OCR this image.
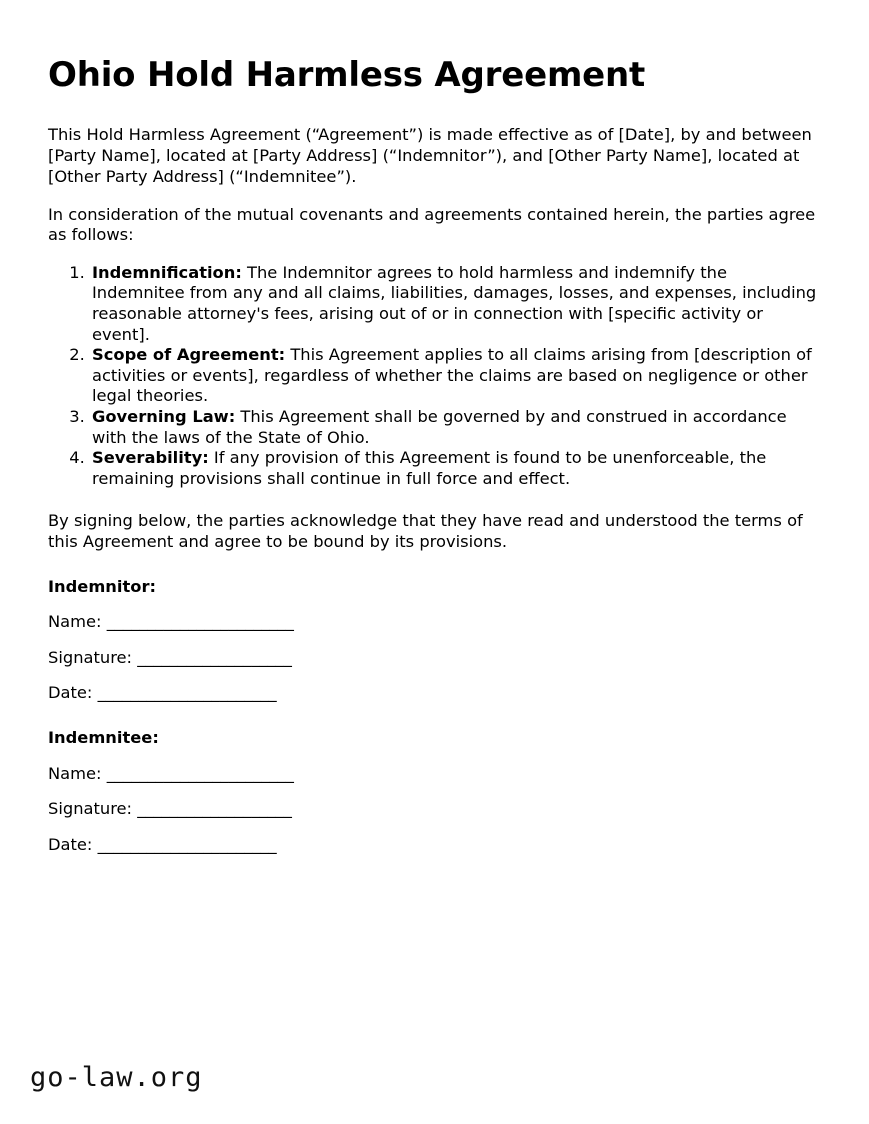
Ohio Hold Harmless Agreement

This Hold Harmless Agreement (“Agreement”) is made effective as of [Date], by and between [Party Name], located at [Party Address] (“Indemnitor”), and [Other Party Name], located at [Other Party Address] (“Indemnitee”).

In consideration of the mutual covenants and agreements contained herein, the parties agree as follows:

1. Indemnification: The Indemnitor agrees to hold harmless and indemnify the Indemnitee from any and all claims, liabilities, damages, losses, and expenses, including reasonable attorney's fees, arising out of or in connection with [specific activity or event].
2. Scope of Agreement: This Agreement applies to all claims arising from [description of activities or events], regardless of whether the claims are based on negligence or other legal theories.
3. Governing Law: This Agreement shall be governed by and construed in accordance with the laws of the State of Ohio.
4. Severability: If any provision of this Agreement is found to be unenforceable, the remaining provisions shall continue in full force and effect.

By signing below, the parties acknowledge that they have read and understood the terms of this Agreement and agree to be bound by its provisions.

Indemnitor:
Name: _______________________
Signature: ___________________
Date: ______________________
Indemnitee:
Name: _______________________
Signature: ___________________
Date: ______________________
go-law.org
